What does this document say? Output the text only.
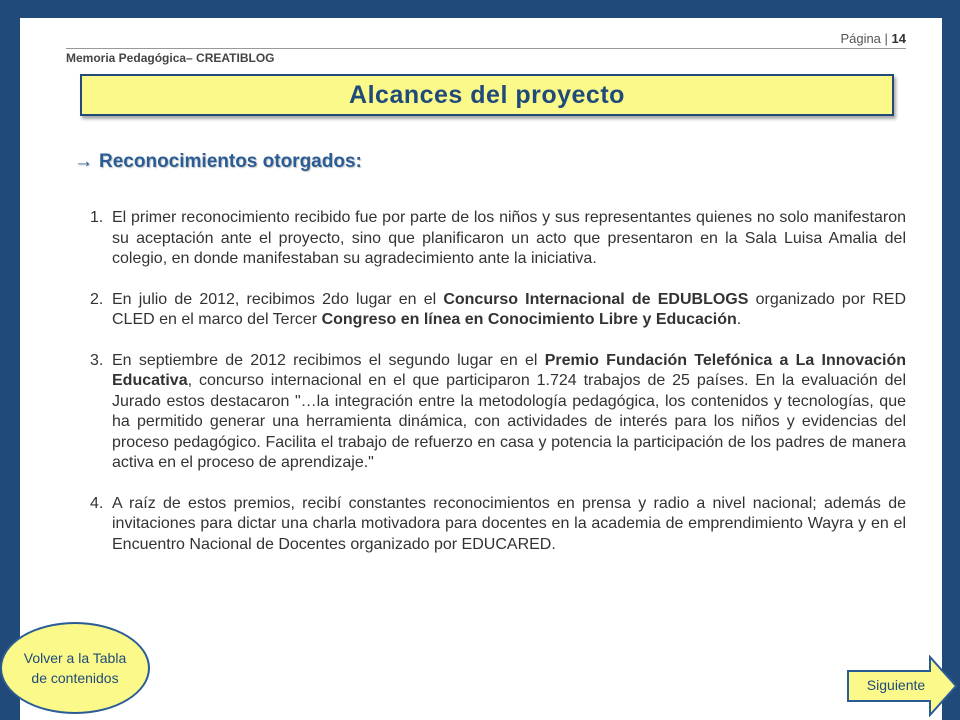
Página | 14
Memoria Pedagógica– CREATIBLOG
Alcances del proyecto
→ Reconocimientos otorgados:
1. El primer reconocimiento recibido fue por parte de los niños y sus representantes quienes no solo manifestaron su aceptación ante el proyecto, sino que planificaron un acto que presentaron en la Sala Luisa Amalia del colegio, en donde manifestaban su agradecimiento ante la iniciativa.
2. En julio de 2012, recibimos 2do lugar en el Concurso Internacional de EDUBLOGS organizado por RED CLED en el marco del Tercer Congreso en línea en Conocimiento Libre y Educación.
3. En septiembre de 2012 recibimos el segundo lugar en el Premio Fundación Telefónica a La Innovación Educativa, concurso internacional en el que participaron 1.724 trabajos de 25 países. En la evaluación del Jurado estos destacaron "…la integración entre la metodología pedagógica, los contenidos y tecnologías, que ha permitido generar una herramienta dinámica, con actividades de interés para los niños y evidencias del proceso pedagógico. Facilita el trabajo de refuerzo en casa y potencia la participación de los padres de manera activa en el proceso de aprendizaje."
4. A raíz de estos premios, recibí constantes reconocimientos en prensa y radio a nivel nacional; además de invitaciones para dictar una charla motivadora para docentes en la academia de emprendimiento Wayra y en el Encuentro Nacional de Docentes organizado por EDUCARED.
Volver a la Tabla de contenidos	Siguiente
